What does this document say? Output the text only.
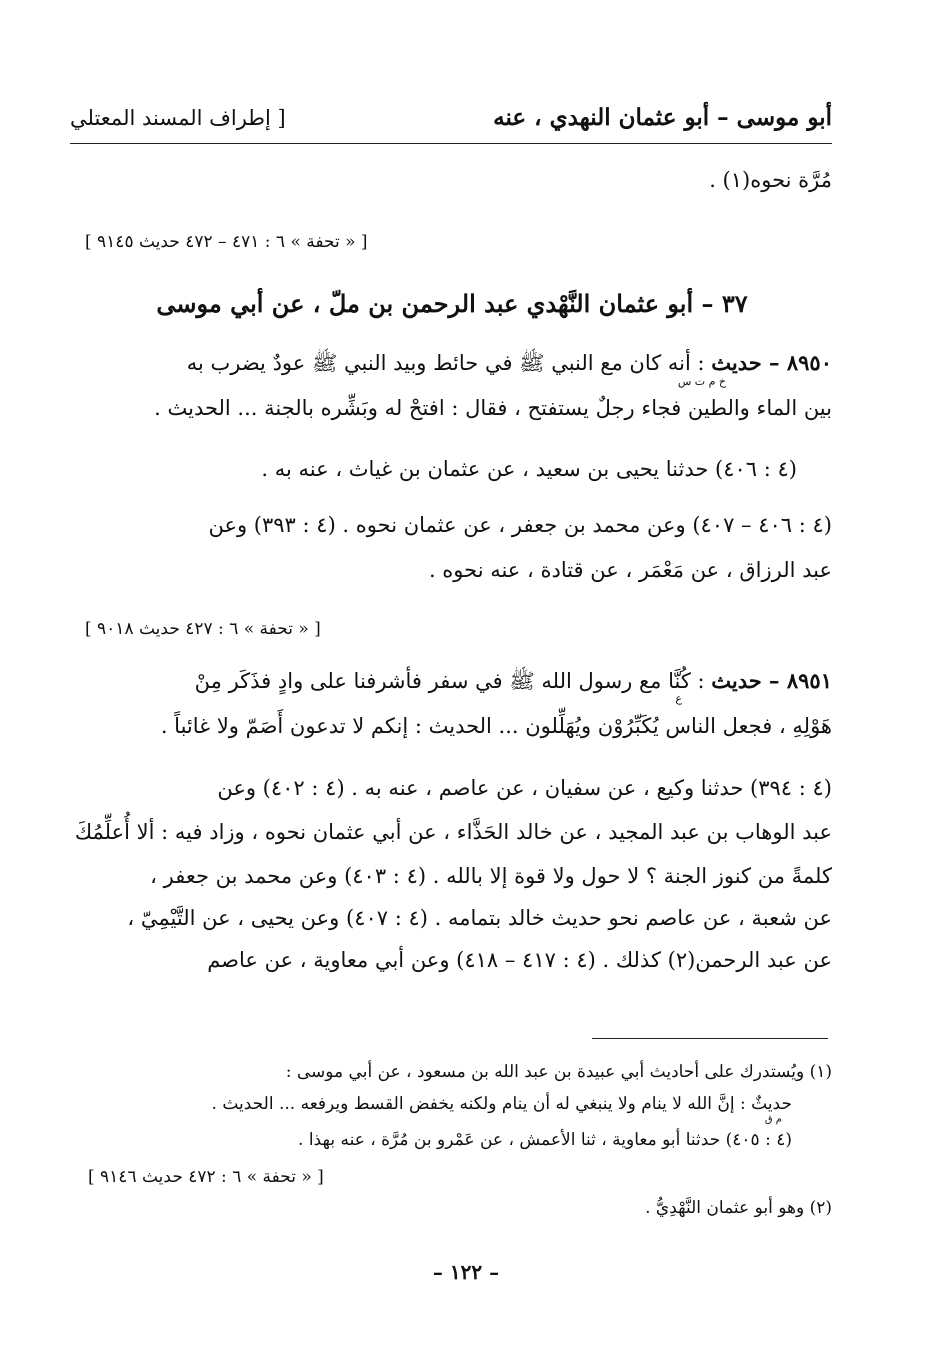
أبو موسى – أبو عثمان النهدي ، عنه
[ إطراف المسند المعتلي
مُرَّة نحوه(١) .
[ « تحفة » ٦ : ٤٧١ – ٤٧٢ حديث ٩١٤٥ ]
٣٧ – أبو عثمان النَّهْدي عبد الرحمن بن ملّ ، عن أبي موسى
٨٩٥٠ – حديث : أنه كان مع النبي ﷺ في حائط وبيد النبي ﷺ عودٌ يضرب به
خ م ت س
بين الماء والطين فجاء رجلٌ يستفتح ، فقال : افتحْ له وبَشِّره بالجنة ... الحديث .
(٤ : ٤٠٦) حدثنا يحيى بن سعيد ، عن عثمان بن غياث ، عنه به .
(٤ : ٤٠٦ – ٤٠٧) وعن محمد بن جعفر ، عن عثمان نحوه . (٤ : ٣٩٣) وعن
عبد الرزاق ، عن مَعْمَر ، عن قتادة ، عنه نحوه .
[ « تحفة » ٦ : ٤٢٧ حديث ٩٠١٨ ]
٨٩٥١ – حديث : كُنَّا مع رسول الله ﷺ في سفر فأشرفنا على وادٍ فذَكَر مِنْ
ع
هَوْلِهِ ، فجعل الناس يُكَبِّرُوْن ويُهَلِّلون ... الحديث : إنكم لا تدعون أَصَمّ ولا غائباً .
(٤ : ٣٩٤) حدثنا وكيع ، عن سفيان ، عن عاصم ، عنه به . (٤ : ٤٠٢) وعن
عبد الوهاب بن عبد المجيد ، عن خالد الحَذَّاء ، عن أبي عثمان نحوه ، وزاد فيه : ألا أُعلِّمُكَ
كلمةً من كنوز الجنة ؟ لا حول ولا قوة إلا بالله . (٤ : ٤٠٣) وعن محمد بن جعفر ،
عن شعبة ، عن عاصم نحو حديث خالد بتمامه . (٤ : ٤٠٧) وعن يحيى ، عن التَّيْمِيّ ،
عن عبد الرحمن(٢) كذلك . (٤ : ٤١٧ – ٤١٨) وعن أبي معاوية ، عن عاصم
(١) ويُستدرك على أحاديث أبي عبيدة بن عبد الله بن مسعود ، عن أبي موسى :
حديثٌ : إنَّ الله لا ينام ولا ينبغي له أن ينام ولكنه يخفض القسط ويرفعه ... الحديث .
م ق
(٤ : ٤٠٥) حدثنا أبو معاوية ، ثنا الأعمش ، عن عَمْرو بن مُرَّة ، عنه بهذا .
[ « تحفة » ٦ : ٤٧٢ حديث ٩١٤٦ ]
(٢) وهو أبو عثمان النَّهْدِيُّ .
– ١٢٢ –
